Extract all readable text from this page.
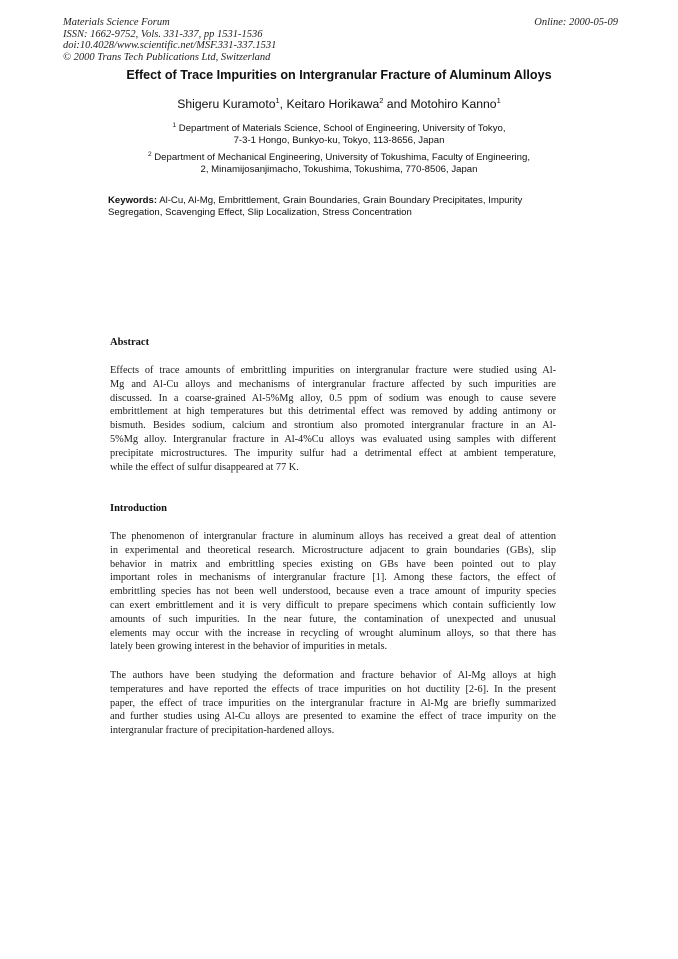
Materials Science Forum
ISSN: 1662-9752, Vols. 331-337, pp 1531-1536
doi:10.4028/www.scientific.net/MSF.331-337.1531
© 2000 Trans Tech Publications Ltd, Switzerland
Online: 2000-05-09
Effect of Trace Impurities on Intergranular Fracture of Aluminum Alloys
Shigeru Kuramoto$^1$, Keitaro Horikawa$^2$ and Motohiro Kanno$^1$
$^1$ Department of Materials Science, School of Engineering, University of Tokyo,
7-3-1 Hongo, Bunkyo-ku, Tokyo, 113-8656, Japan
$^2$ Department of Mechanical Engineering, University of Tokushima, Faculty of Engineering,
2, Minamijosanjimacho, Tokushima, Tokushima, 770-8506, Japan
Keywords: Al-Cu, Al-Mg, Embrittlement, Grain Boundaries, Grain Boundary Precipitates, Impurity
Segregation, Scavenging Effect, Slip Localization, Stress Concentration
Abstract
Effects of trace amounts of embrittling impurities on intergranular fracture were studied using Al-
Mg and Al-Cu alloys and mechanisms of intergranular fracture affected by such impurities are
discussed. In a coarse-grained Al-5%Mg alloy, 0.5 ppm of sodium was enough to cause severe
embrittlement at high temperatures but this detrimental effect was removed by adding antimony or
bismuth. Besides sodium, calcium and strontium also promoted intergranular fracture in an Al-
5%Mg alloy. Intergranular fracture in Al-4%Cu alloys was evaluated using samples with different
precipitate microstructures. The impurity sulfur had a detrimental effect at ambient temperature,
while the effect of sulfur disappeared at 77 K.
Introduction
The phenomenon of intergranular fracture in aluminum alloys has received a great deal of attention
in experimental and theoretical research. Microstructure adjacent to grain boundaries (GBs), slip
behavior in matrix and embrittling species existing on GBs have been pointed out to play
important roles in mechanisms of intergranular fracture [1]. Among these factors, the effect of
embrittling species has not been well understood, because even a trace amount of impurity species
can exert embrittlement and it is very difficult to prepare specimens which contain sufficiently low
amounts of such impurities. In the near future, the contamination of unexpected and unusual
elements may occur with the increase in recycling of wrought aluminum alloys, so that there has
lately been growing interest in the behavior of impurities in metals.
The authors have been studying the deformation and fracture behavior of Al-Mg alloys at high
temperatures and have reported the effects of trace impurities on hot ductility [2-6]. In the present
paper, the effect of trace impurities on the intergranular fracture in Al-Mg are briefly summarized
and further studies using Al-Cu alloys are presented to examine the effect of trace impurity on the
intergranular fracture of precipitation-hardened alloys.
